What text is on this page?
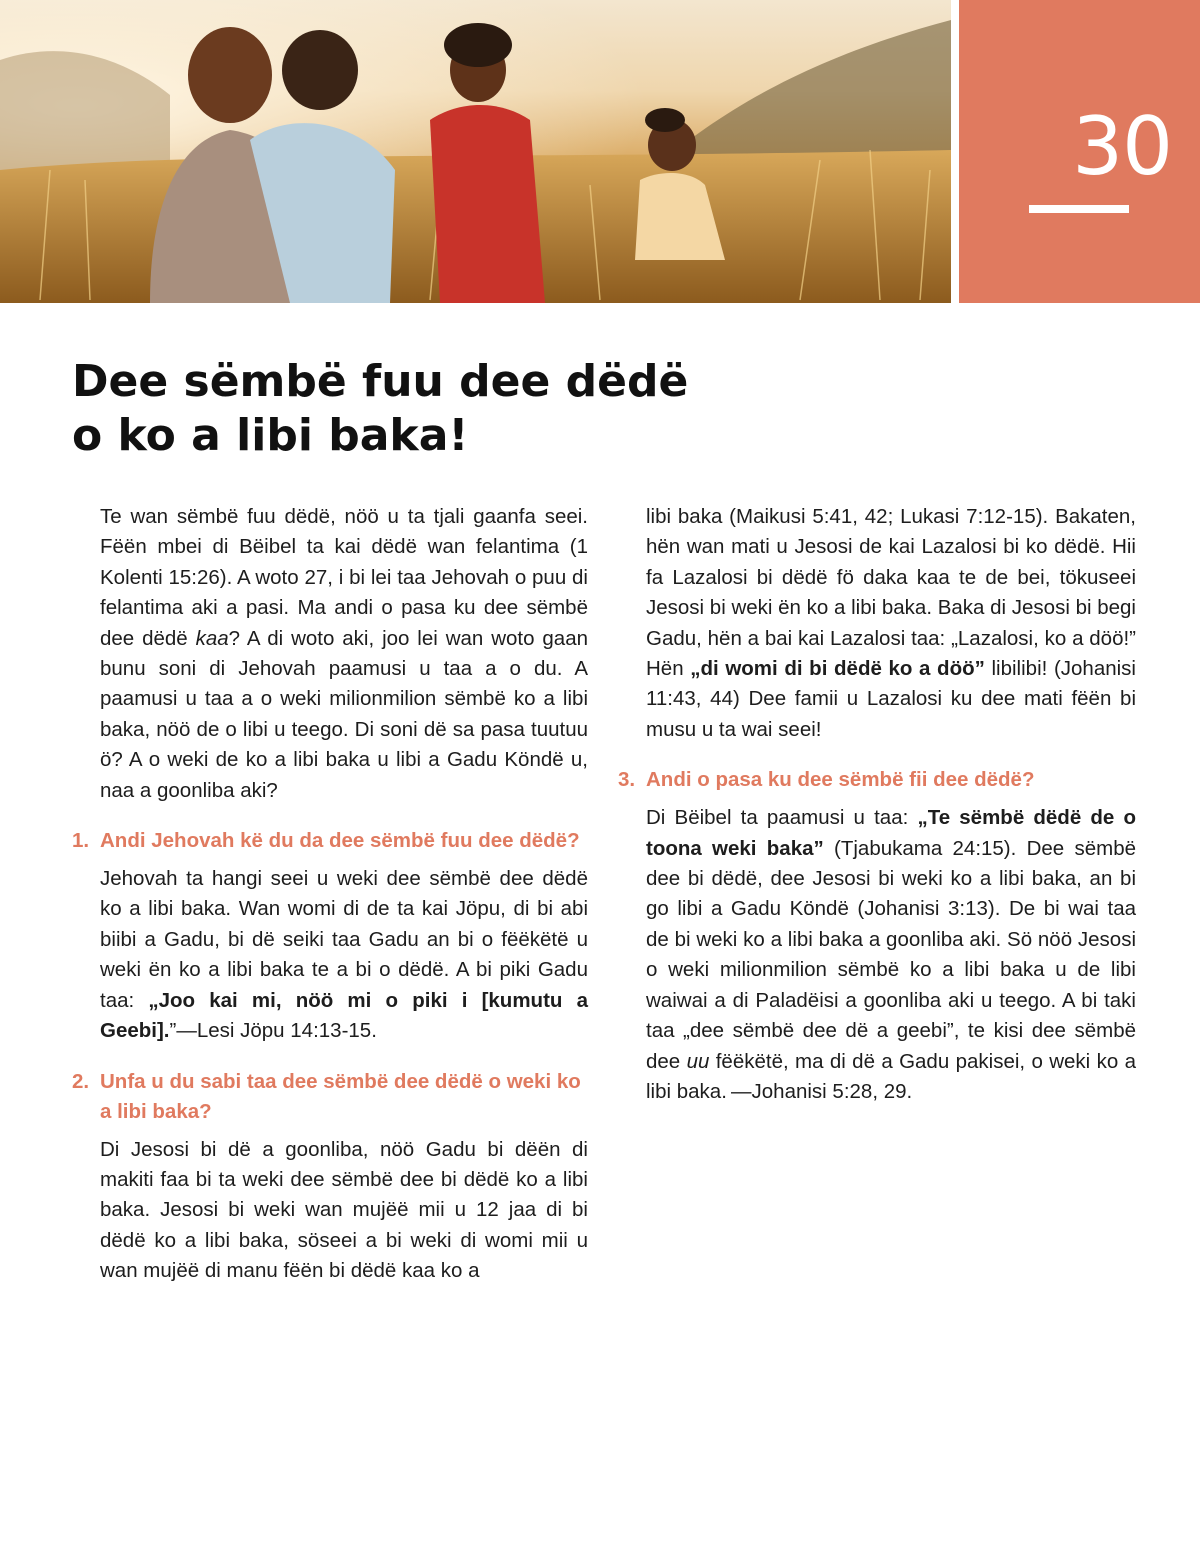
30
Dee sëmbë fuu dee dëdë
o ko a libi baka!

Te wan sëmbë fuu dëdë, nöö u ta tjali gaanfa seei. Fëën mbei di Bëibel ta kai dëdë wan felantima (1 Kolenti 15:26). A woto 27, i bi lei taa Jehovah o puu di felantima aki a pasi. Ma andi o pasa ku dee sëmbë dee dëdë kaa? A di woto aki, joo lei wan woto gaan bunu soni di Jehovah paamusi u taa a o du. A paamusi u taa a o weki milionmilion sëmbë ko a libi baka, nöö de o libi u teego. Di soni dë sa pasa tuutuu ö? A o weki de ko a libi baka u libi a Gadu Köndë u, naa a goonliba aki?

1. Andi Jehovah kë du da dee sëmbë fuu dee dëdë?

Jehovah ta hangi seei u weki dee sëmbë dee dëdë ko a libi baka. Wan womi di de ta kai Jöpu, di bi abi biibi a Gadu, bi dë seiki taa Gadu an bi o fëëkëtë u weki ën ko a libi baka te a bi o dëdë. A bi piki Gadu taa: „Joo kai mi, nöö mi o piki i [kumutu a Geebi].”—Lesi Jöpu 14:13-15.

2. Unfa u du sabi taa dee sëmbë dee dëdë o weki ko a libi baka?

Di Jesosi bi dë a goonliba, nöö Gadu bi dëën di makiti faa bi ta weki dee sëmbë dee bi dëdë ko a libi baka. Jesosi bi weki wan mujëë mii u 12 jaa di bi dëdë ko a libi baka, söseei a bi weki di womi mii u wan mujëë di manu fëën bi dëdë kaa ko a

libi baka (Maikusi 5:41, 42; Lukasi 7:12-15). Bakaten, hën wan mati u Jesosi de kai Lazalosi bi ko dëdë. Hii fa Lazalosi bi dëdë fö daka kaa te de bei, tökuseei Jesosi bi weki ën ko a libi baka. Baka di Jesosi bi begi Gadu, hën a bai kai Lazalosi taa: „Lazalosi, ko a döö!” Hën „di womi di bi dëdë ko a döö” libilibi! (Johanisi 11:43, 44) Dee famii u Lazalosi ku dee mati fëën bi musu u ta wai seei!

3. Andi o pasa ku dee sëmbë fii dee dëdë?

Di Bëibel ta paamusi u taa: „Te sëmbë dëdë de o toona weki baka” (Tjabukama 24:15). Dee sëmbë dee bi dëdë, dee Jesosi bi weki ko a libi baka, an bi go libi a Gadu Köndë (Johanisi 3:13). De bi wai taa de bi weki ko a libi baka a goonliba aki. Sö nöö Jesosi o weki milionmilion sëmbë ko a libi baka u de libi waiwai a di Paladëisi a goonliba aki u teego. A bi taki taa „dee sëmbë dee dë a geebi”, te kisi dee sëmbë dee uu fëëkëtë, ma di dë a Gadu pakisei, o weki ko a libi baka. —Johanisi 5:28, 29.
